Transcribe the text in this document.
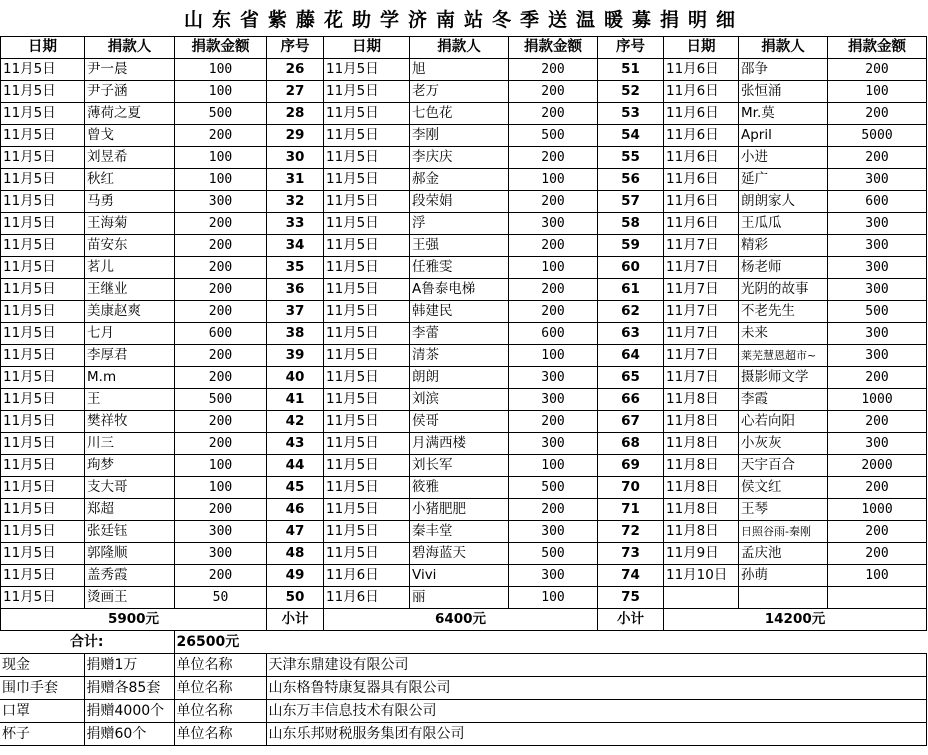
山东省紫藤花助学济南站冬季送温暖募捐明细
日期	捐款人	捐款金额	序号	日期	捐款人	捐款金额	序号	日期	捐款人	捐款金额
11月5日	尹一晨	100	26	11月5日	旭	200	51	11月6日	邵争	200
11月5日	尹子涵	100	27	11月5日	老万	200	52	11月6日	张恒涌	100
11月5日	薄荷之夏	500	28	11月5日	七色花	200	53	11月6日	Mr.莫	200
11月5日	曾戈	200	29	11月5日	李刚	500	54	11月6日	April	5000
11月5日	刘昱希	100	30	11月5日	李庆庆	200	55	11月6日	小进	200
11月5日	秋红	100	31	11月5日	郝金	100	56	11月6日	延广	300
11月5日	马勇	300	32	11月5日	段荣娟	200	57	11月6日	朗朗家人	600
11月5日	王海菊	200	33	11月5日	浮	300	58	11月6日	王瓜瓜	300
11月5日	苗安东	200	34	11月5日	王强	200	59	11月7日	精彩	300
11月5日	茗儿	200	35	11月5日	任雅雯	100	60	11月7日	杨老师	300
11月5日	王继业	200	36	11月5日	A鲁泰电梯	200	61	11月7日	光阴的故事	300
11月5日	美康赵爽	200	37	11月5日	韩建民	200	62	11月7日	不老先生	500
11月5日	七月	600	38	11月5日	李蕾	600	63	11月7日	未来	300
11月5日	李厚君	200	39	11月5日	清茶	100	64	11月7日	莱芜慧恩超市~	300
11月5日	M.m	200	40	11月5日	朗朗	300	65	11月7日	摄影师文学	200
11月5日	王	500	41	11月5日	刘滨	300	66	11月8日	李霞	1000
11月5日	樊祥牧	200	42	11月5日	侯哥	200	67	11月8日	心若向阳	200
11月5日	川三	200	43	11月5日	月满西楼	300	68	11月8日	小灰灰	300
11月5日	珣梦	100	44	11月5日	刘长军	100	69	11月8日	天宇百合	2000
11月5日	支大哥	100	45	11月5日	筱雅	500	70	11月8日	侯文红	200
11月5日	郑超	200	46	11月5日	小猪肥肥	200	71	11月8日	王琴	1000
11月5日	张廷钰	300	47	11月5日	秦丰堂	300	72	11月8日	日照谷雨-秦刚	200
11月5日	郭隆顺	300	48	11月5日	碧海蓝天	500	73	11月9日	孟庆池	200
11月5日	盖秀霞	200	49	11月6日	Vivi	300	74	11月10日	孙萌	100
11月5日	烫画王	50	50	11月6日	丽	100	75			
5900元			小计	6400元			小计	14200元		
合计:		26500元	
现金	捐赠1万	单位名称	天津东鼎建设有限公司
围巾手套	捐赠各85套	单位名称	山东格鲁特康复器具有限公司
口罩	捐赠4000个	单位名称	山东万丰信息技术有限公司
杯子	捐赠60个	单位名称	山东乐邦财税服务集团有限公司
